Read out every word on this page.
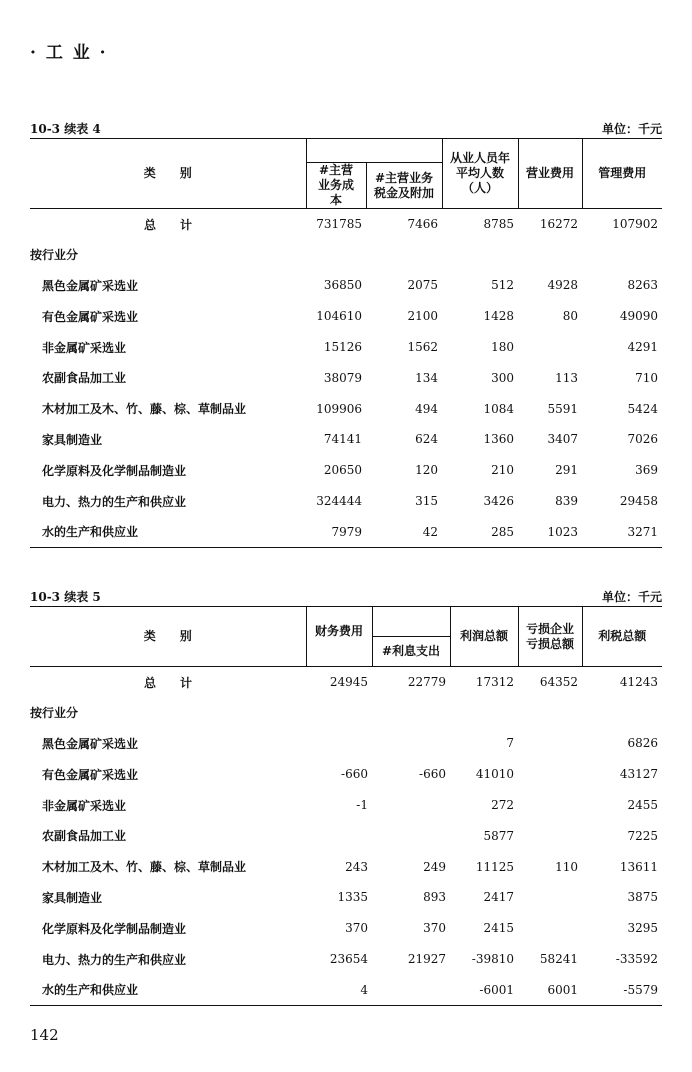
· 工 业 ·
10-3 续表 4	单位：千元
类　　别			从业人员年平均人数（人）	营业费用	管理费用
	#主营业务成本	#主营业务税金及附加			
总　　计	731785	7466	8785	16272	107902
按行业分					
黑色金属矿采选业	36850	2075	512	4928	8263
有色金属矿采选业	104610	2100	1428	80	49090
非金属矿采选业	15126	1562	180		4291
农副食品加工业	38079	134	300	113	710
木材加工及木、竹、藤、棕、草制品业	109906	494	1084	5591	5424
家具制造业	74141	624	1360	3407	7026
化学原料及化学制品制造业	20650	120	210	291	369
电力、热力的生产和供应业	324444	315	3426	839	29458
水的生产和供应业	7979	42	285	1023	3271
10-3 续表 5	单位：千元
类　　别	财务费用		利润总额	亏损企业亏损总额	利税总额
		#利息支出			
总　　计	24945	22779	17312	64352	41243
按行业分					
黑色金属矿采选业			7		6826
有色金属矿采选业	-660	-660	41010		43127
非金属矿采选业	-1		272		2455
农副食品加工业			5877		7225
木材加工及木、竹、藤、棕、草制品业	243	249	11125	110	13611
家具制造业	1335	893	2417		3875
化学原料及化学制品制造业	370	370	2415		3295
电力、热力的生产和供应业	23654	21927	-39810	58241	-33592
水的生产和供应业	4		-6001	6001	-5579
142
